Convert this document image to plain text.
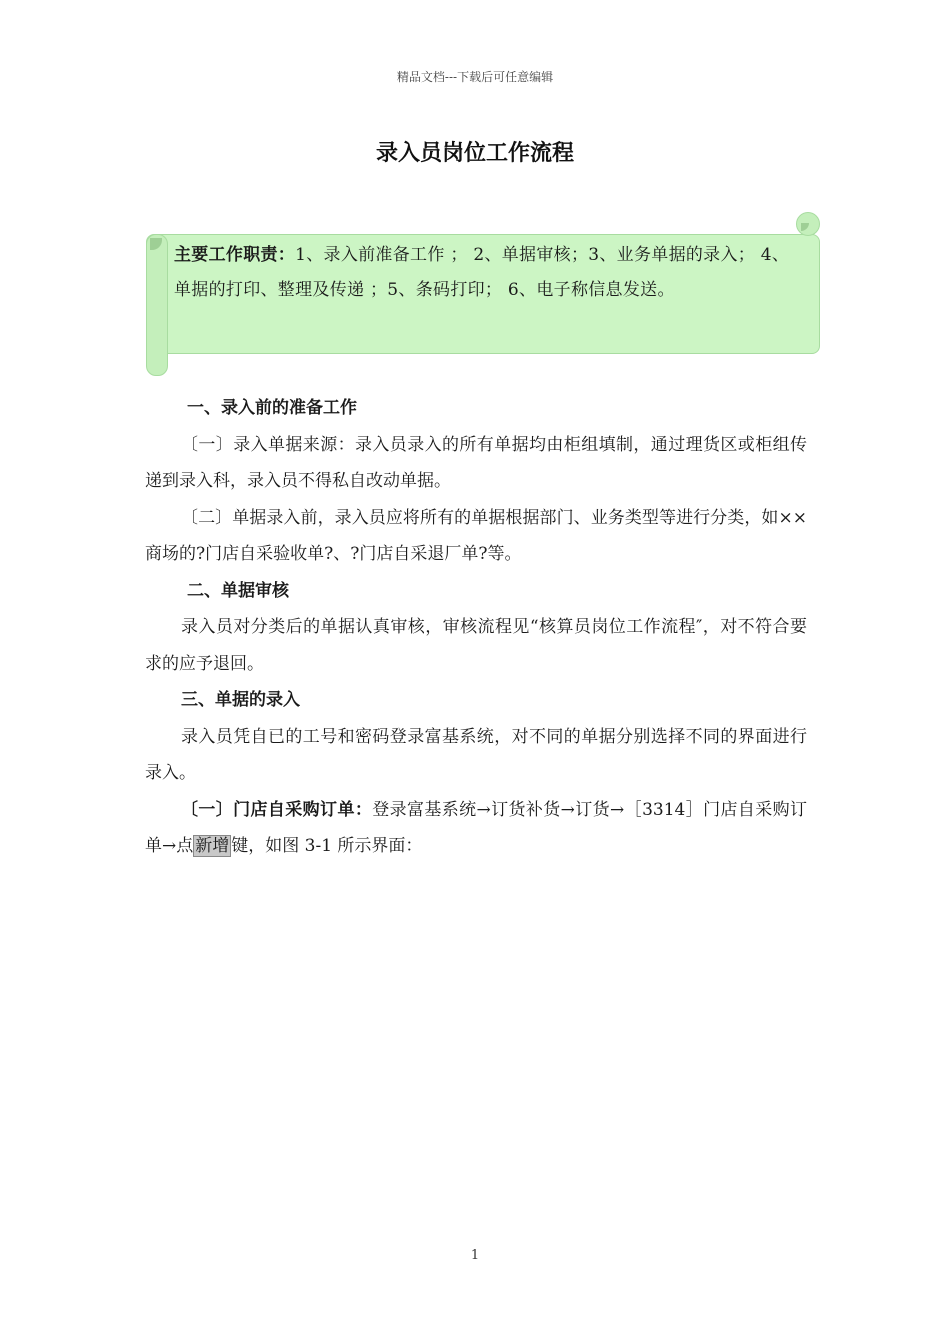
精品文档---下载后可任意编辑
录入员岗位工作流程
主要工作职责：1、录入前准备工作 ； 2、单据审核；3、业务单据的录入； 4、单据的打印、整理及传递 ；5、条码打印； 6、电子称信息发送。
一、录入前的准备工作

〔一〕录入单据来源：录入员录入的所有单据均由柜组填制，通过理货区或柜组传递到录入科，录入员不得私自改动单据。

〔二〕单据录入前，录入员应将所有的单据根据部门、业务类型等进行分类，如××商场的?门店自采验收单?、?门店自采退厂单?等。

二、单据审核

录入员对分类后的单据认真审核，审核流程见“核算员岗位工作流程″，对不符合要求的应予退回。

三、单据的录入

录入员凭自已的工号和密码登录富基系统，对不同的单据分别选择不同的界面进行录入。

〔一〕门店自采购订单：登录富基系统→订货补货→订货→［3314］门店自采购订单→点 新增 键，如图 3-1 所示界面：

1
